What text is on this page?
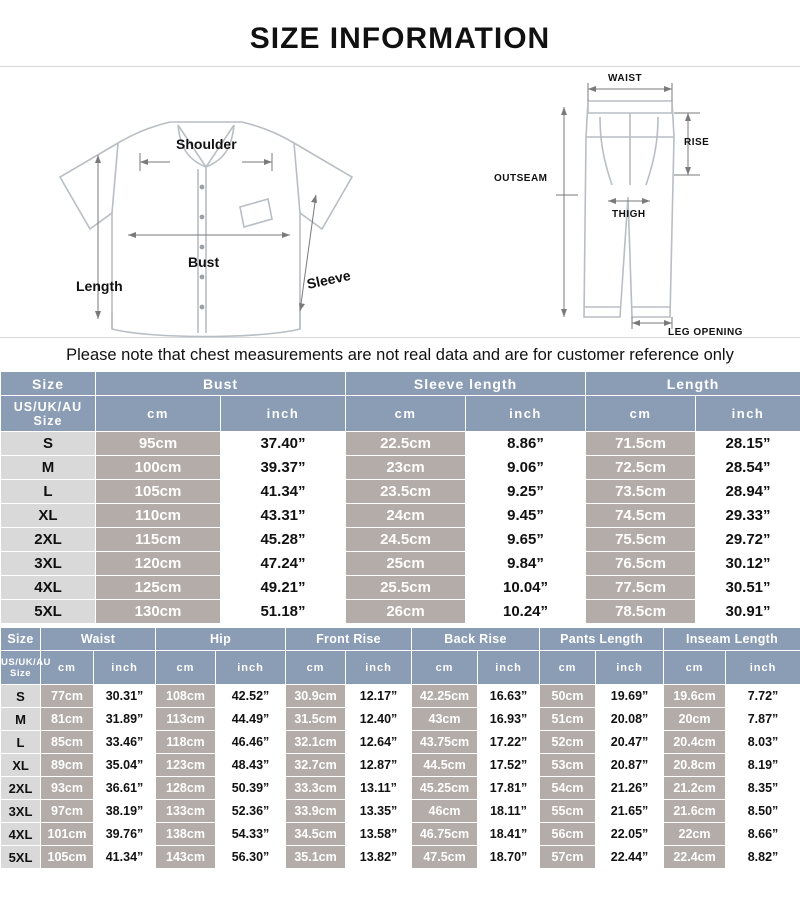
SIZE INFORMATION
Shoulder
Bust
Length	Sleeve
WAIST
RISE
OUTSEAM
THIGH
LEG OPENING
Please note that chest measurements are not real data and are for customer reference only
Size	Bust		Sleeve length		Length	
US/UK/AU
Size	cm	inch	cm	inch	cm	inch
S	95cm	37.40”	22.5cm	8.86”	71.5cm	28.15”
M	100cm	39.37”	23cm	9.06”	72.5cm	28.54”
L	105cm	41.34”	23.5cm	9.25”	73.5cm	28.94”
XL	110cm	43.31”	24cm	9.45”	74.5cm	29.33”
2XL	115cm	45.28”	24.5cm	9.65”	75.5cm	29.72”
3XL	120cm	47.24”	25cm	9.84”	76.5cm	30.12”
4XL	125cm	49.21”	25.5cm	10.04”	77.5cm	30.51”
5XL	130cm	51.18”	26cm	10.24”	78.5cm	30.91”
Size	Waist		Hip		Front Rise		Back Rise		Pants Length		Inseam Length	
US/UK/AU
Size	cm	inch	cm	inch	cm	inch	cm	inch	cm	inch	cm	inch
S	77cm	30.31”	108cm	42.52”	30.9cm	12.17”	42.25cm	16.63”	50cm	19.69”	19.6cm	7.72”
M	81cm	31.89”	113cm	44.49”	31.5cm	12.40”	43cm	16.93”	51cm	20.08”	20cm	7.87”
L	85cm	33.46”	118cm	46.46”	32.1cm	12.64”	43.75cm	17.22”	52cm	20.47”	20.4cm	8.03”
XL	89cm	35.04”	123cm	48.43”	32.7cm	12.87”	44.5cm	17.52”	53cm	20.87”	20.8cm	8.19”
2XL	93cm	36.61”	128cm	50.39”	33.3cm	13.11”	45.25cm	17.81”	54cm	21.26”	21.2cm	8.35”
3XL	97cm	38.19”	133cm	52.36”	33.9cm	13.35”	46cm	18.11”	55cm	21.65”	21.6cm	8.50”
4XL	101cm	39.76”	138cm	54.33”	34.5cm	13.58”	46.75cm	18.41”	56cm	22.05”	22cm	8.66”
5XL	105cm	41.34”	143cm	56.30”	35.1cm	13.82”	47.5cm	18.70”	57cm	22.44”	22.4cm	8.82”
